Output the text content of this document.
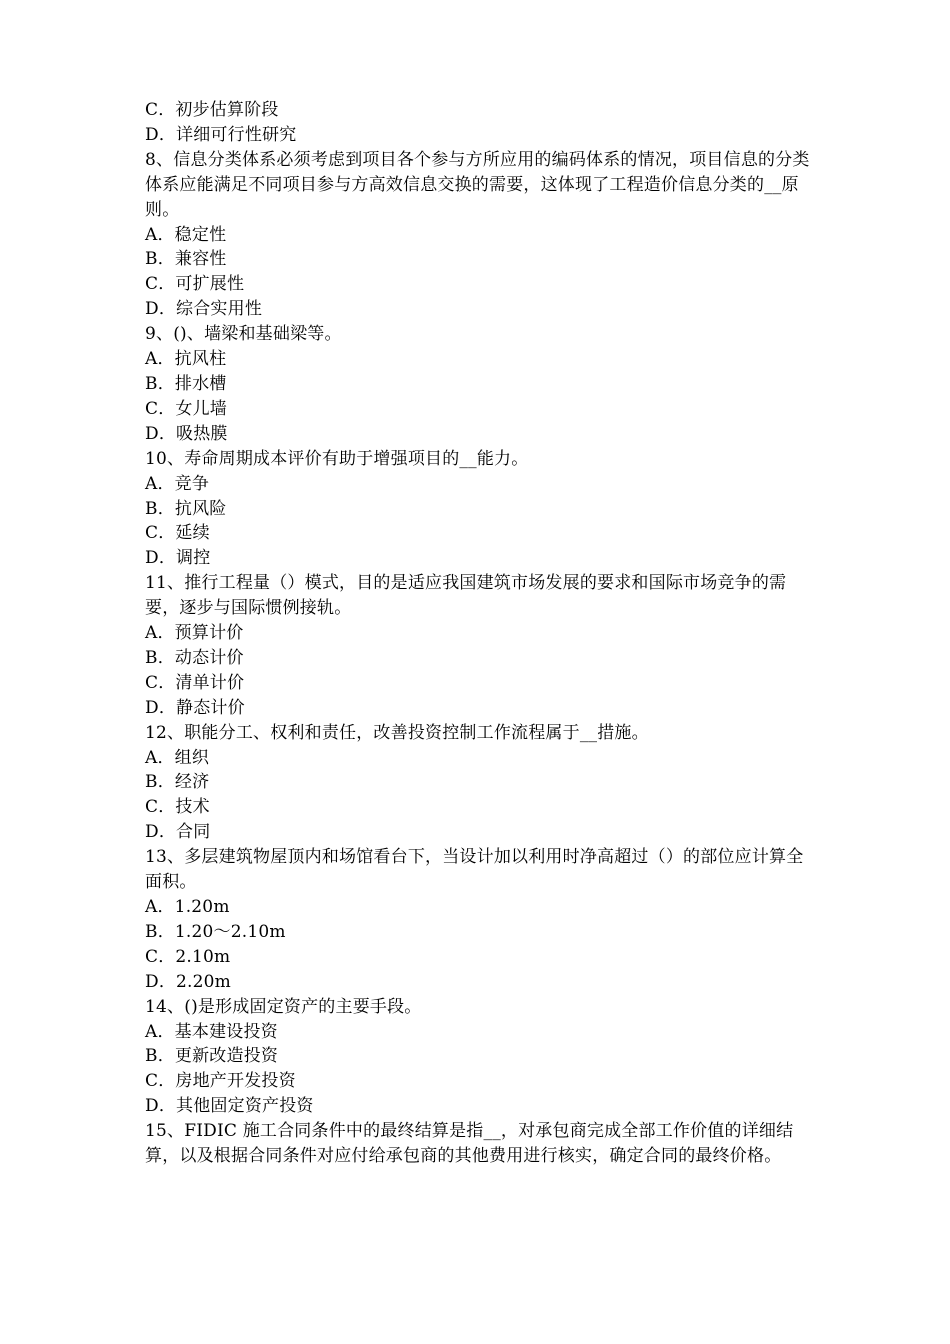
C．初步估算阶段
D．详细可行性研究
8、信息分类体系必须考虑到项目各个参与方所应用的编码体系的情况，项目信息的分类体系应能满足不同项目参与方高效信息交换的需要，这体现了工程造价信息分类的__原则。
A．稳定性
B．兼容性
C．可扩展性
D．综合实用性
9、()、墙梁和基础梁等。
A．抗风柱
B．排水槽
C．女儿墙
D．吸热膜
10、寿命周期成本评价有助于增强项目的__能力。
A．竞争
B．抗风险
C．延续
D．调控
11、推行工程量（）模式，目的是适应我国建筑市场发展的要求和国际市场竞争的需要，逐步与国际惯例接轨。
A．预算计价
B．动态计价
C．清单计价
D．静态计价
12、职能分工、权利和责任，改善投资控制工作流程属于__措施。
A．组织
B．经济
C．技术
D．合同
13、多层建筑物屋顶内和场馆看台下，当设计加以利用时净高超过（）的部位应计算全面积。
A．1.20m
B．1.20～2.10m
C．2.10m
D．2.20m
14、()是形成固定资产的主要手段。
A．基本建设投资
B．更新改造投资
C．房地产开发投资
D．其他固定资产投资
15、FIDIC 施工合同条件中的最终结算是指__，对承包商完成全部工作价值的详细结算，以及根据合同条件对应付给承包商的其他费用进行核实，确定合同的最终价格。
